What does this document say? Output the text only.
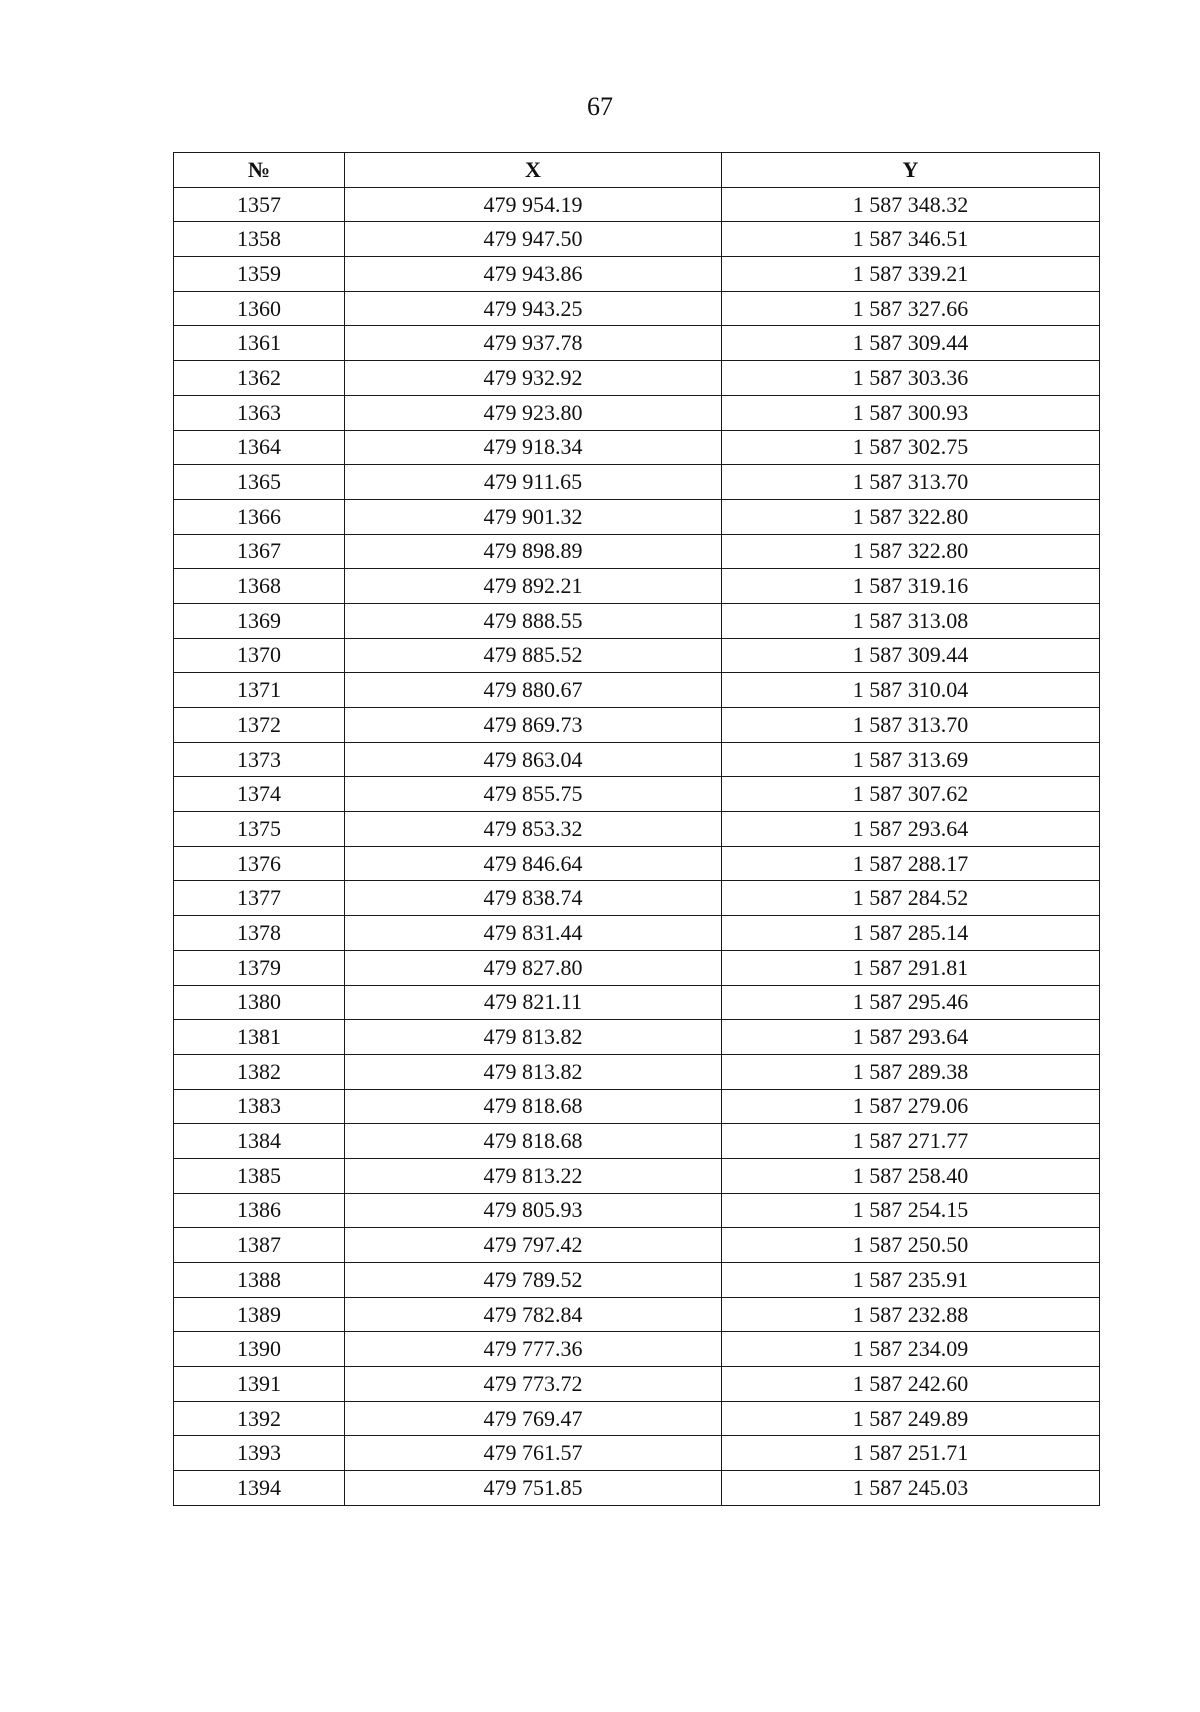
67
№	X	Y
1357	479 954.19	1 587 348.32
1358	479 947.50	1 587 346.51
1359	479 943.86	1 587 339.21
1360	479 943.25	1 587 327.66
1361	479 937.78	1 587 309.44
1362	479 932.92	1 587 303.36
1363	479 923.80	1 587 300.93
1364	479 918.34	1 587 302.75
1365	479 911.65	1 587 313.70
1366	479 901.32	1 587 322.80
1367	479 898.89	1 587 322.80
1368	479 892.21	1 587 319.16
1369	479 888.55	1 587 313.08
1370	479 885.52	1 587 309.44
1371	479 880.67	1 587 310.04
1372	479 869.73	1 587 313.70
1373	479 863.04	1 587 313.69
1374	479 855.75	1 587 307.62
1375	479 853.32	1 587 293.64
1376	479 846.64	1 587 288.17
1377	479 838.74	1 587 284.52
1378	479 831.44	1 587 285.14
1379	479 827.80	1 587 291.81
1380	479 821.11	1 587 295.46
1381	479 813.82	1 587 293.64
1382	479 813.82	1 587 289.38
1383	479 818.68	1 587 279.06
1384	479 818.68	1 587 271.77
1385	479 813.22	1 587 258.40
1386	479 805.93	1 587 254.15
1387	479 797.42	1 587 250.50
1388	479 789.52	1 587 235.91
1389	479 782.84	1 587 232.88
1390	479 777.36	1 587 234.09
1391	479 773.72	1 587 242.60
1392	479 769.47	1 587 249.89
1393	479 761.57	1 587 251.71
1394	479 751.85	1 587 245.03
